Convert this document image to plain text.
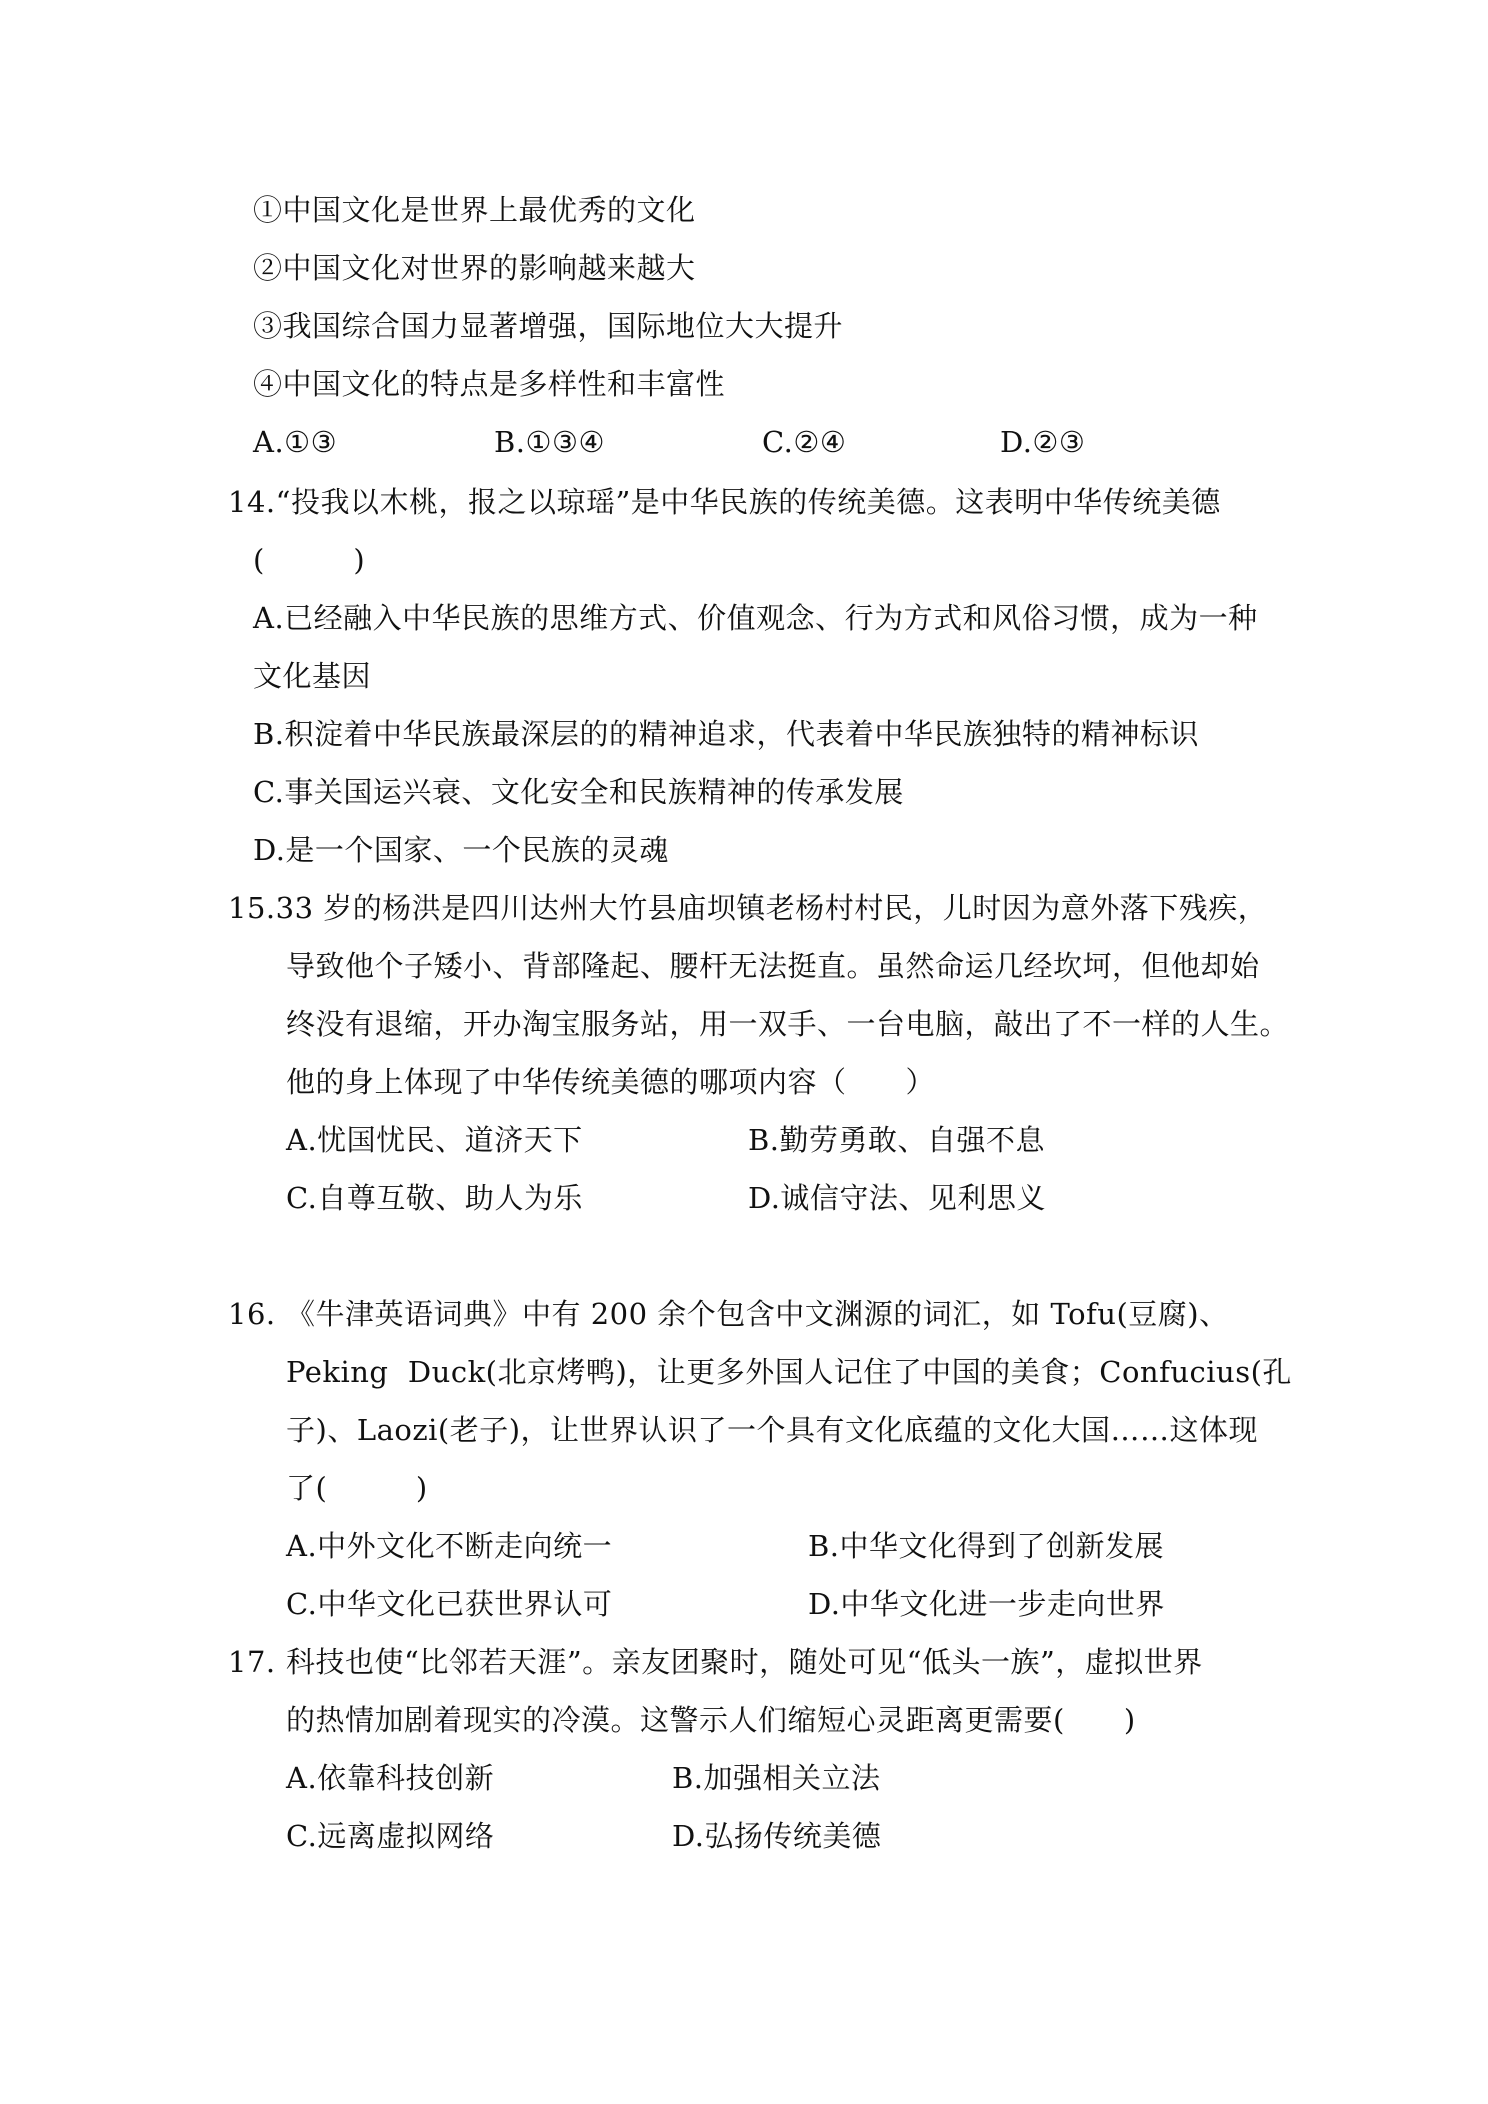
①中国文化是世界上最优秀的文化
②中国文化对世界的影响越来越大
③我国综合国力显著增强，国际地位大大提升
④中国文化的特点是多样性和丰富性
A.①③	B.①③④	C.②④	D.②③
14.“投我以木桃，报之以琼瑶”是中华民族的传统美德。这表明中华传统美德
(　　　)
A.已经融入中华民族的思维方式、价值观念、行为方式和风俗习惯，成为一种
文化基因
B.积淀着中华民族最深层的的精神追求，代表着中华民族独特的精神标识
C.事关国运兴衰、文化安全和民族精神的传承发展
D.是一个国家、一个民族的灵魂
15.33 岁的杨洪是四川达州大竹县庙坝镇老杨村村民，儿时因为意外落下残疾，
导致他个子矮小、背部隆起、腰杆无法挺直。虽然命运几经坎坷，但他却始
终没有退缩，开办淘宝服务站，用一双手、一台电脑，敲出了不一样的人生。
他的身上体现了中华传统美德的哪项内容（　　）
A.忧国忧民、道济天下	B.勤劳勇敢、自强不息
C.自尊互敬、助人为乐	D.诚信守法、见利思义
16. 《牛津英语词典》中有 200 余个包含中文渊源的词汇，如 Tofu(豆腐)、
Peking  Duck(北京烤鸭)，让更多外国人记住了中国的美食；Confucius(孔
子)、Laozi(老子)，让世界认识了一个具有文化底蕴的文化大国……这体现
了(　　　)
A.中外文化不断走向统一	B.中华文化得到了创新发展
C.中华文化已获世界认可	D.中华文化进一步走向世界
17. 科技也使“比邻若天涯”。亲友团聚时，随处可见“低头一族”，虚拟世界
的热情加剧着现实的冷漠。这警示人们缩短心灵距离更需要(　　)
A.依靠科技创新	B.加强相关立法
C.远离虚拟网络	D.弘扬传统美德
